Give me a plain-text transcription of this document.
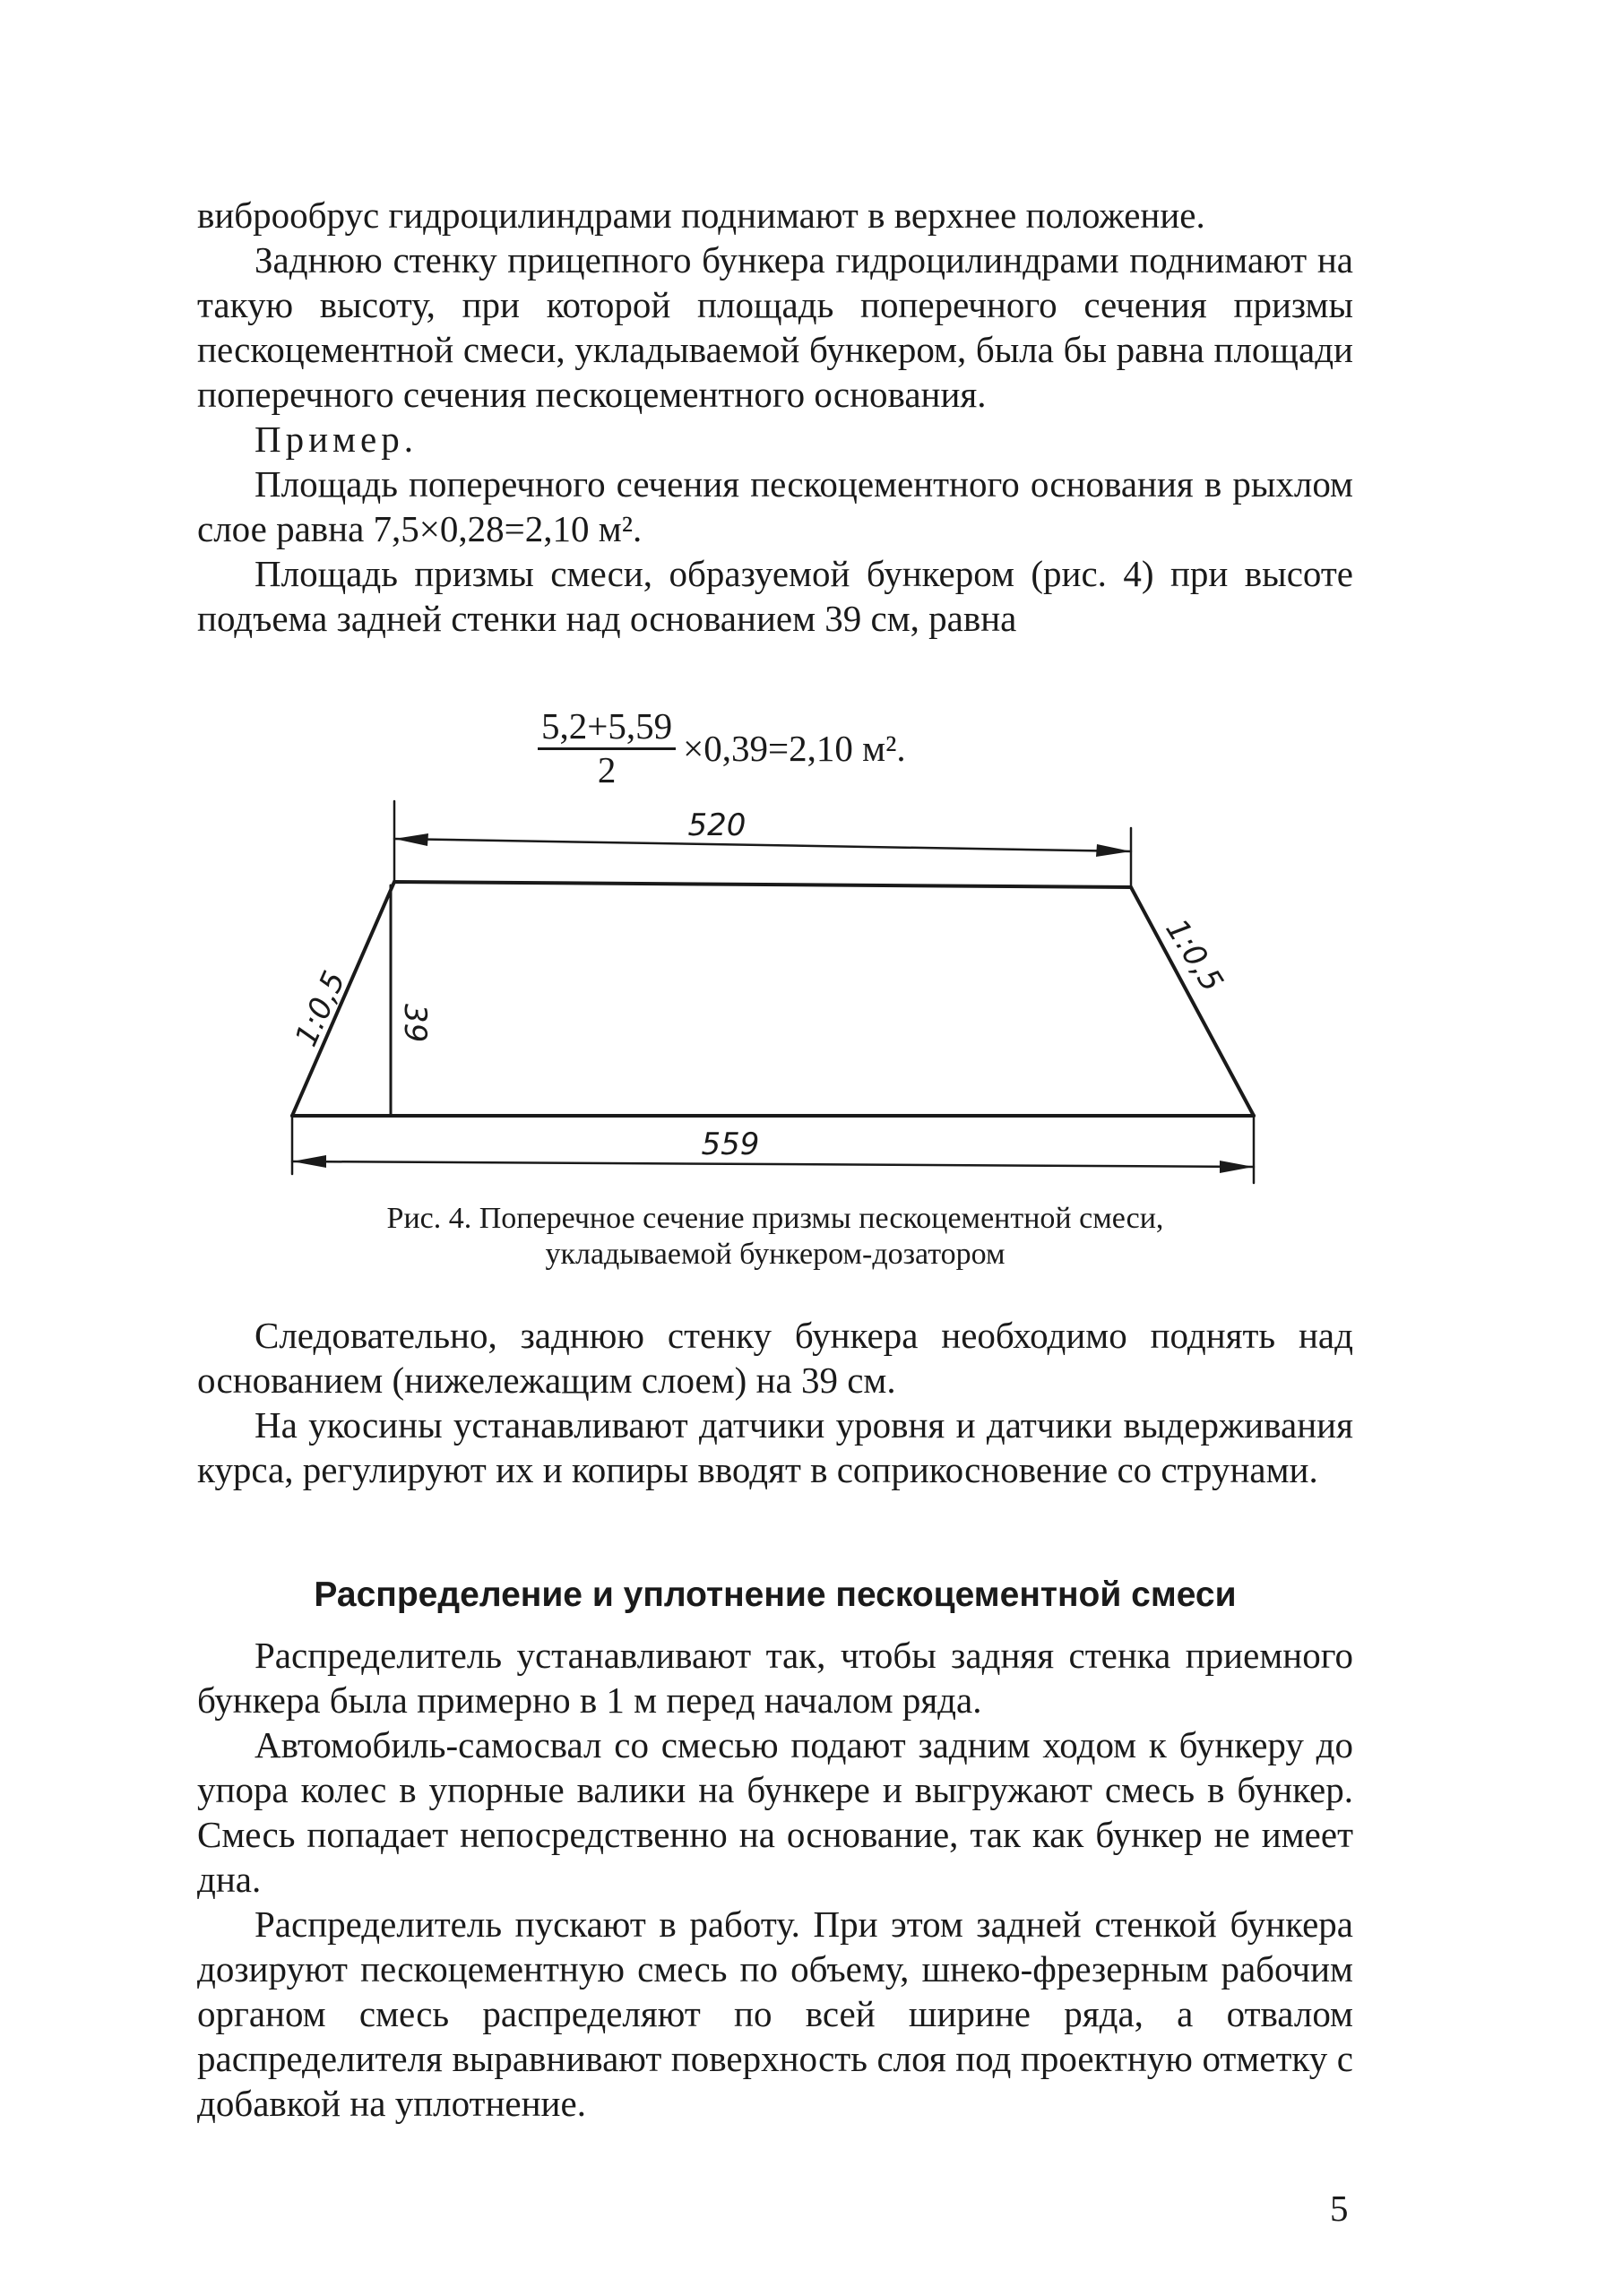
виброобрус гидроцилиндрами поднимают в верхнее положение.

Заднюю стенку прицепного бункера гидроцилиндрами поднимают на такую высоту, при которой площадь поперечного сечения призмы пескоцементной смеси, укладываемой бункером, была бы равна площади поперечного сечения пескоцементного основания.

Пример.

Площадь поперечного сечения пескоцементного основания в рыхлом слое равна 7,5×0,28=2,10 м².

Площадь призмы смеси, образуемой бункером (рис. 4) при высоте подъема задней стенки над основанием 39 см, равна

$\frac{5,2+5,59}{2} \times 0,39=2,10$ м².
520
559
39
1:0,5
1:0,5
Рис. 4. Поперечное сечение призмы пескоцементной смеси,
укладываемой бункером-дозатором

Следовательно, заднюю стенку бункера необходимо поднять над основанием (нижележащим слоем) на 39 см.

На укосины устанавливают датчики уровня и датчики выдерживания курса, регулируют их и копиры вводят в соприкосновение со струнами.

Распределение и уплотнение пескоцементной смеси

Распределитель устанавливают так, чтобы задняя стенка приемного бункера была примерно в 1 м перед началом ряда.

Автомобиль-самосвал со смесью подают задним ходом к бункеру до упора колес в упорные валики на бункере и выгружают смесь в бункер. Смесь попадает непосредственно на основание, так как бункер не имеет дна.

Распределитель пускают в работу. При этом задней стенкой бункера дозируют пескоцементную смесь по объему, шнеко-фрезерным рабочим органом смесь распределяют по всей ширине ряда, а отвалом распределителя выравнивают поверхность слоя под проектную отметку с добавкой на уплотнение.

5
